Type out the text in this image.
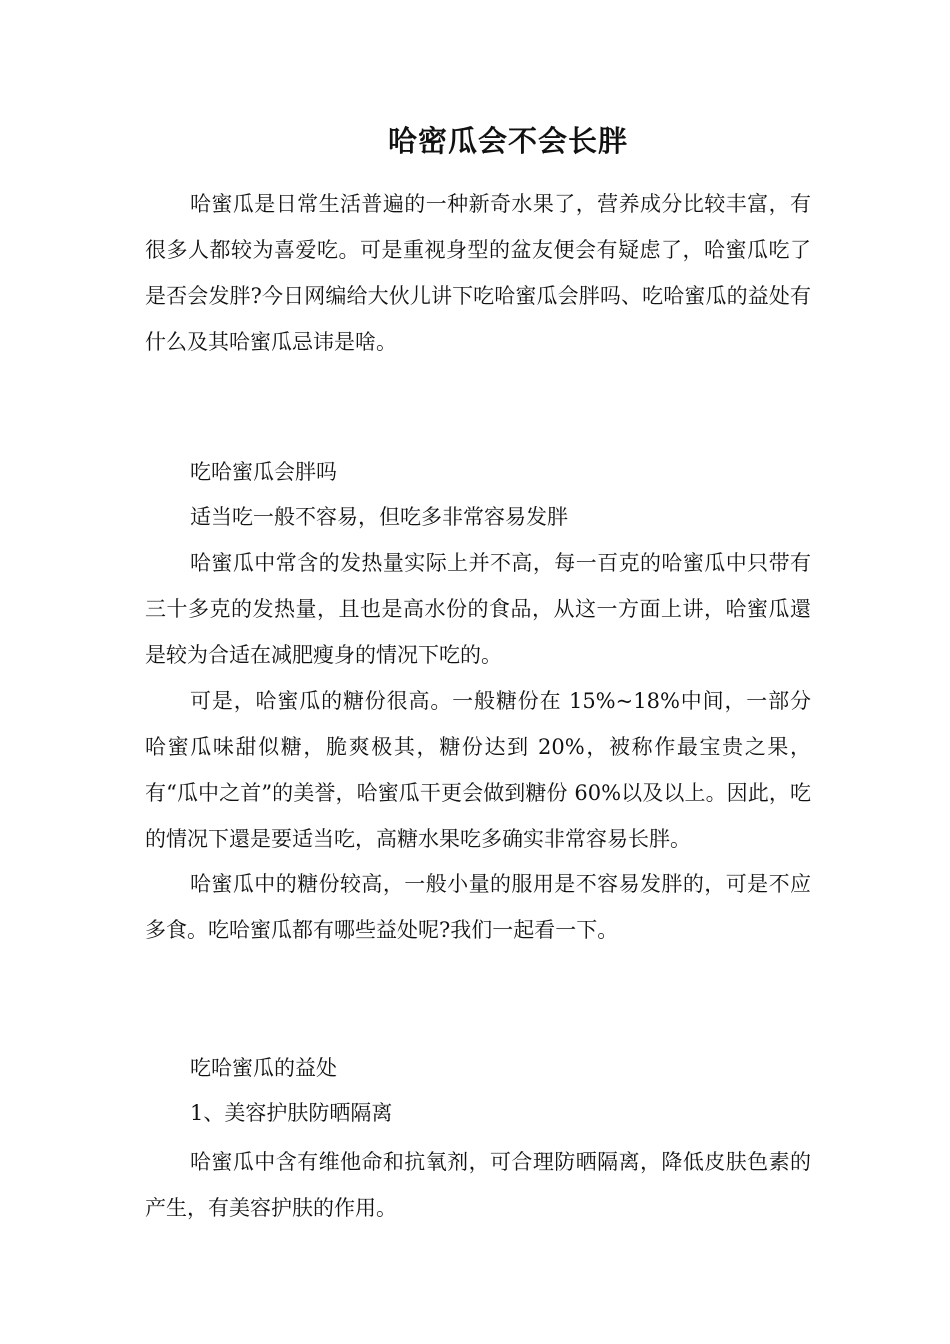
哈密瓜会不会长胖

哈蜜瓜是日常生活普遍的一种新奇水果了，营养成分比较丰富，有很多人都较为喜爱吃。可是重视身型的盆友便会有疑虑了，哈蜜瓜吃了是否会发胖?今日网编给大伙儿讲下吃哈蜜瓜会胖吗、吃哈蜜瓜的益处有什么及其哈蜜瓜忌讳是啥。

吃哈蜜瓜会胖吗

适当吃一般不容易，但吃多非常容易发胖

哈蜜瓜中常含的发热量实际上并不高，每一百克的哈蜜瓜中只带有三十多克的发热量，且也是高水份的食品，从这一方面上讲，哈蜜瓜還是较为合适在减肥瘦身的情况下吃的。

可是，哈蜜瓜的糖份很高。一般糖份在 15%~18%中间，一部分哈蜜瓜味甜似糖，脆爽极其，糖份达到 20%，被称作最宝贵之果，有“瓜中之首”的美誉，哈蜜瓜干更会做到糖份 60%以及以上。因此，吃的情况下還是要适当吃，高糖水果吃多确实非常容易长胖。

哈蜜瓜中的糖份较高，一般小量的服用是不容易发胖的，可是不应多食。吃哈蜜瓜都有哪些益处呢?我们一起看一下。

吃哈蜜瓜的益处

1、美容护肤防晒隔离

哈蜜瓜中含有维他命和抗氧剂，可合理防晒隔离，降低皮肤色素的产生，有美容护肤的作用。
